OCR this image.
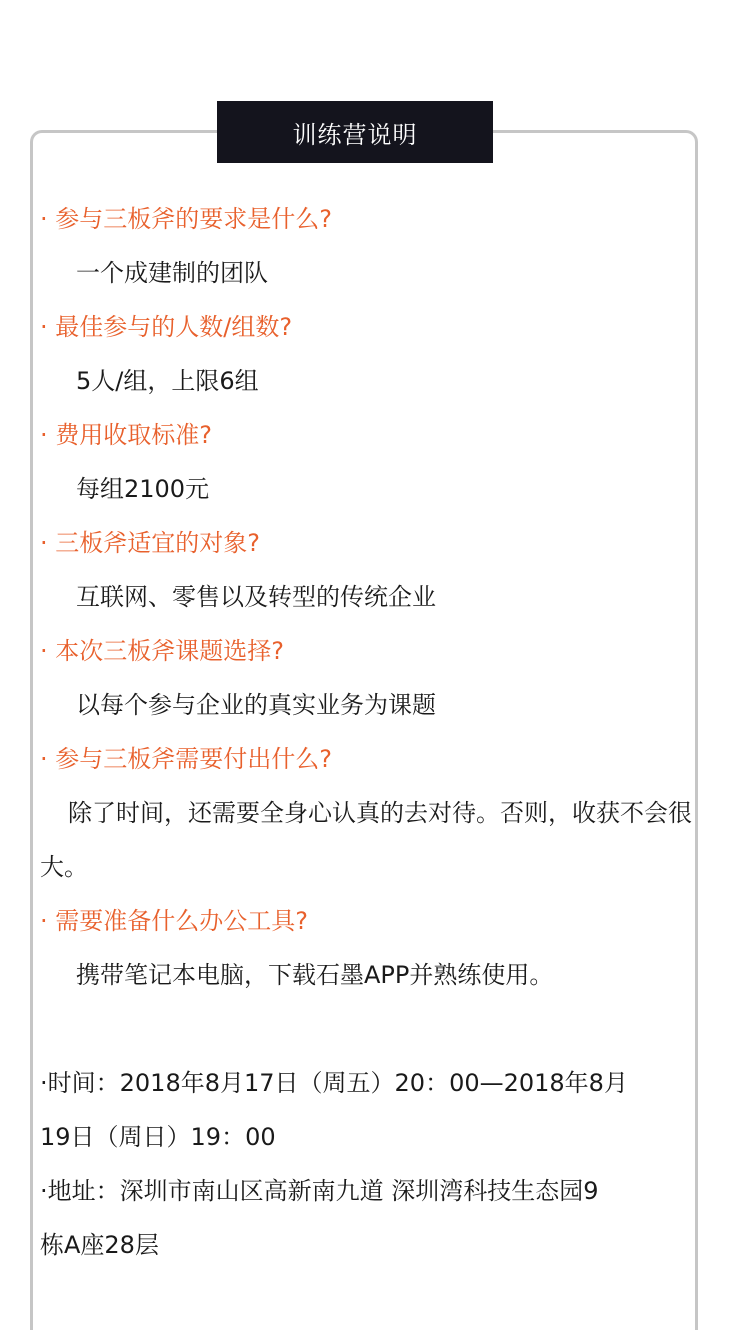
训练营说明
· 参与三板斧的要求是什么?
一个成建制的团队
· 最佳参与的人数/组数?
5人/组，上限6组
· 费用收取标准?
每组2100元
· 三板斧适宜的对象?
互联网、零售以及转型的传统企业
· 本次三板斧课题选择?
以每个参与企业的真实业务为课题
· 参与三板斧需要付出什么?
除了时间，还需要全身心认真的去对待。否则，收获不会很大。
· 需要准备什么办公工具?
携带笔记本电脑，下载石墨APP并熟练使用。
·时间：2018年8月17日（周五）20：00—2018年8月
19日（周日）19：00
·地址：深圳市南山区高新南九道 深圳湾科技生态园9
栋A座28层
